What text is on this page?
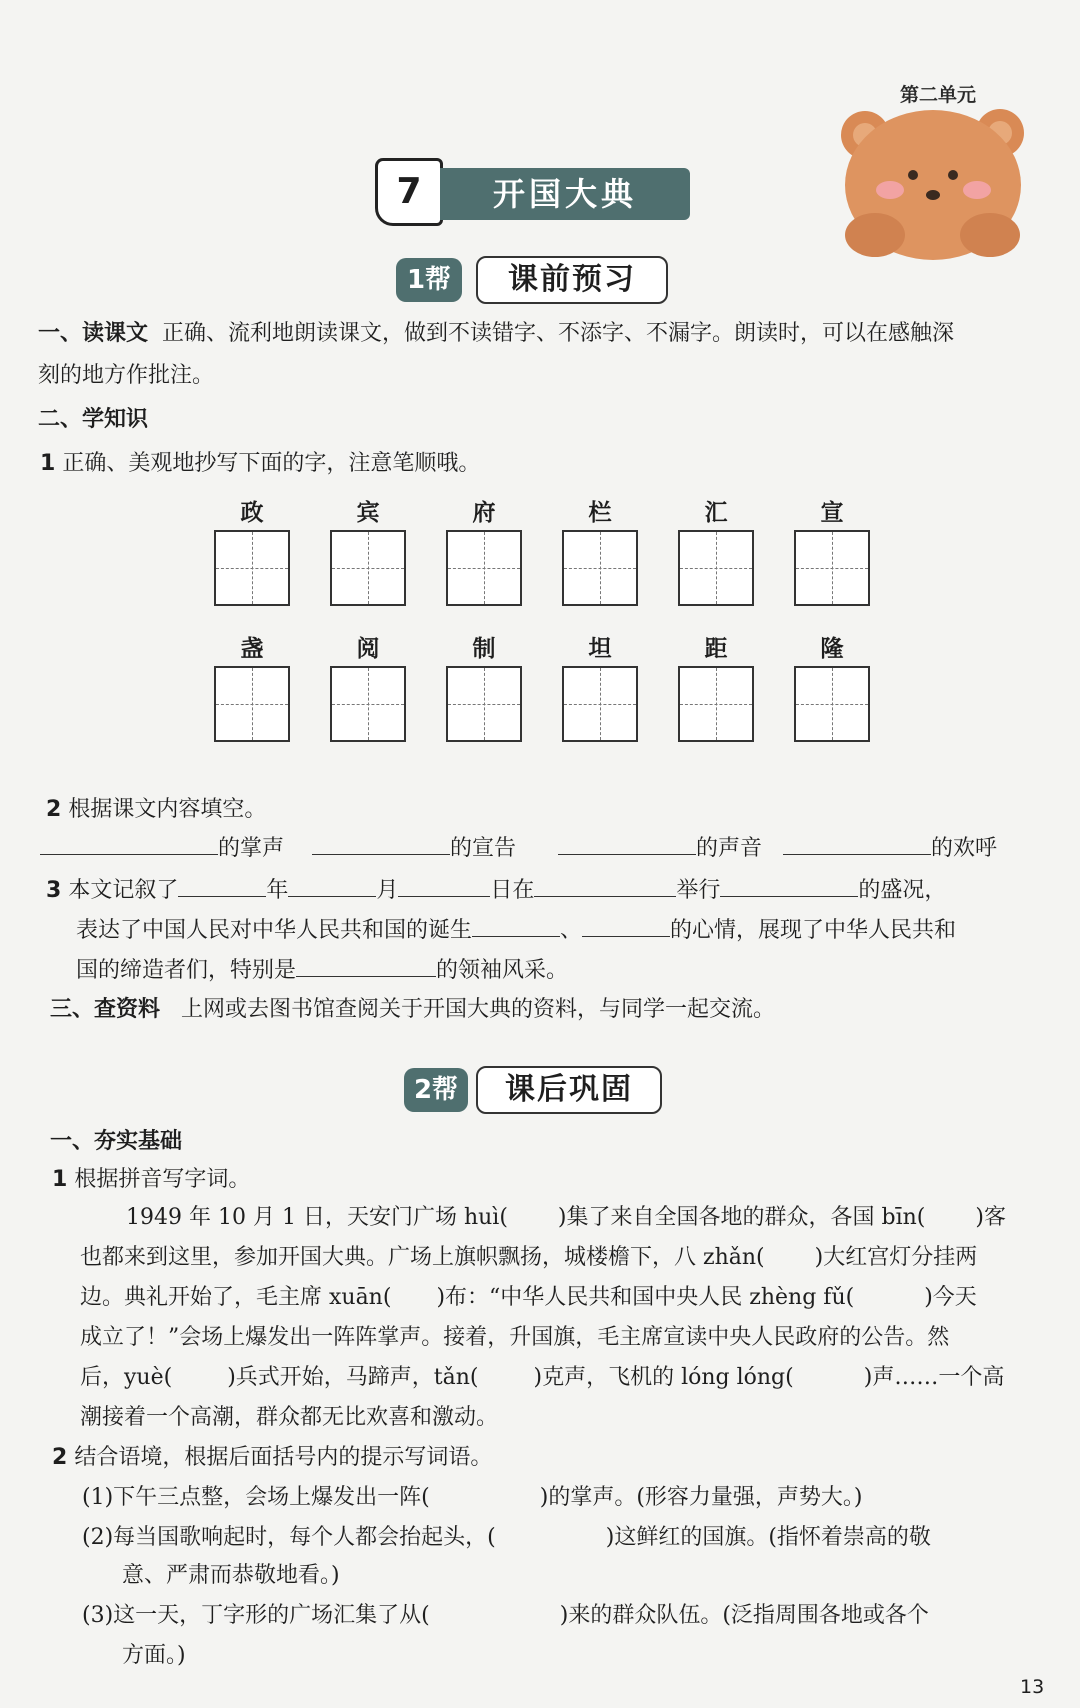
第二单元
7	开国大典
1帮	课前预习
一、读课文 正确、流利地朗读课文，做到不读错字、不添字、不漏字。朗读时，可以在感触深
刻的地方作批注。
二、学知识
1 正确、美观地抄写下面的字，注意笔顺哦。
政	宾	府	栏	汇	宣
盏	阅	制	坦	距	隆
2 根据课文内容填空。
的掌声	的宣告	的声音	的欢呼
3 本文记叙了	年	月	日在	举行	的盛况，
表达了中国人民对中华人民共和国的诞生	、	的心情，展现了中华人民共和
国的缔造者们，特别是	的领袖风采。
三、查资料 上网或去图书馆查阅关于开国大典的资料，与同学一起交流。
2帮	课后巩固
一、夯实基础
1 根据拼音写字词。
1949 年 10 月 1 日，天安门广场 huì( )集了来自全国各地的群众，各国 bīn( )客
也都来到这里，参加开国大典。广场上旗帜飘扬，城楼檐下，八 zhǎn( )大红宫灯分挂两
边。典礼开始了，毛主席 xuān( )布：“中华人民共和国中央人民 zhèng fǔ(	)今天
成立了！”会场上爆发出一阵阵掌声。接着，升国旗，毛主席宣读中央人民政府的公告。然
后，yuè(	)兵式开始，马蹄声，tǎn(	)克声，飞机的 lóng lóng(	)声……一个高
潮接着一个高潮，群众都无比欢喜和激动。
2 结合语境，根据后面括号内的提示写词语。
(1)下午三点整，会场上爆发出一阵(	)的掌声。(形容力量强，声势大。)
(2)每当国歌响起时，每个人都会抬起头，(	)这鲜红的国旗。(指怀着崇高的敬
意、严肃而恭敬地看。)
(3)这一天，丁字形的广场汇集了从(	)来的群众队伍。(泛指周围各地或各个
方面。)
13
